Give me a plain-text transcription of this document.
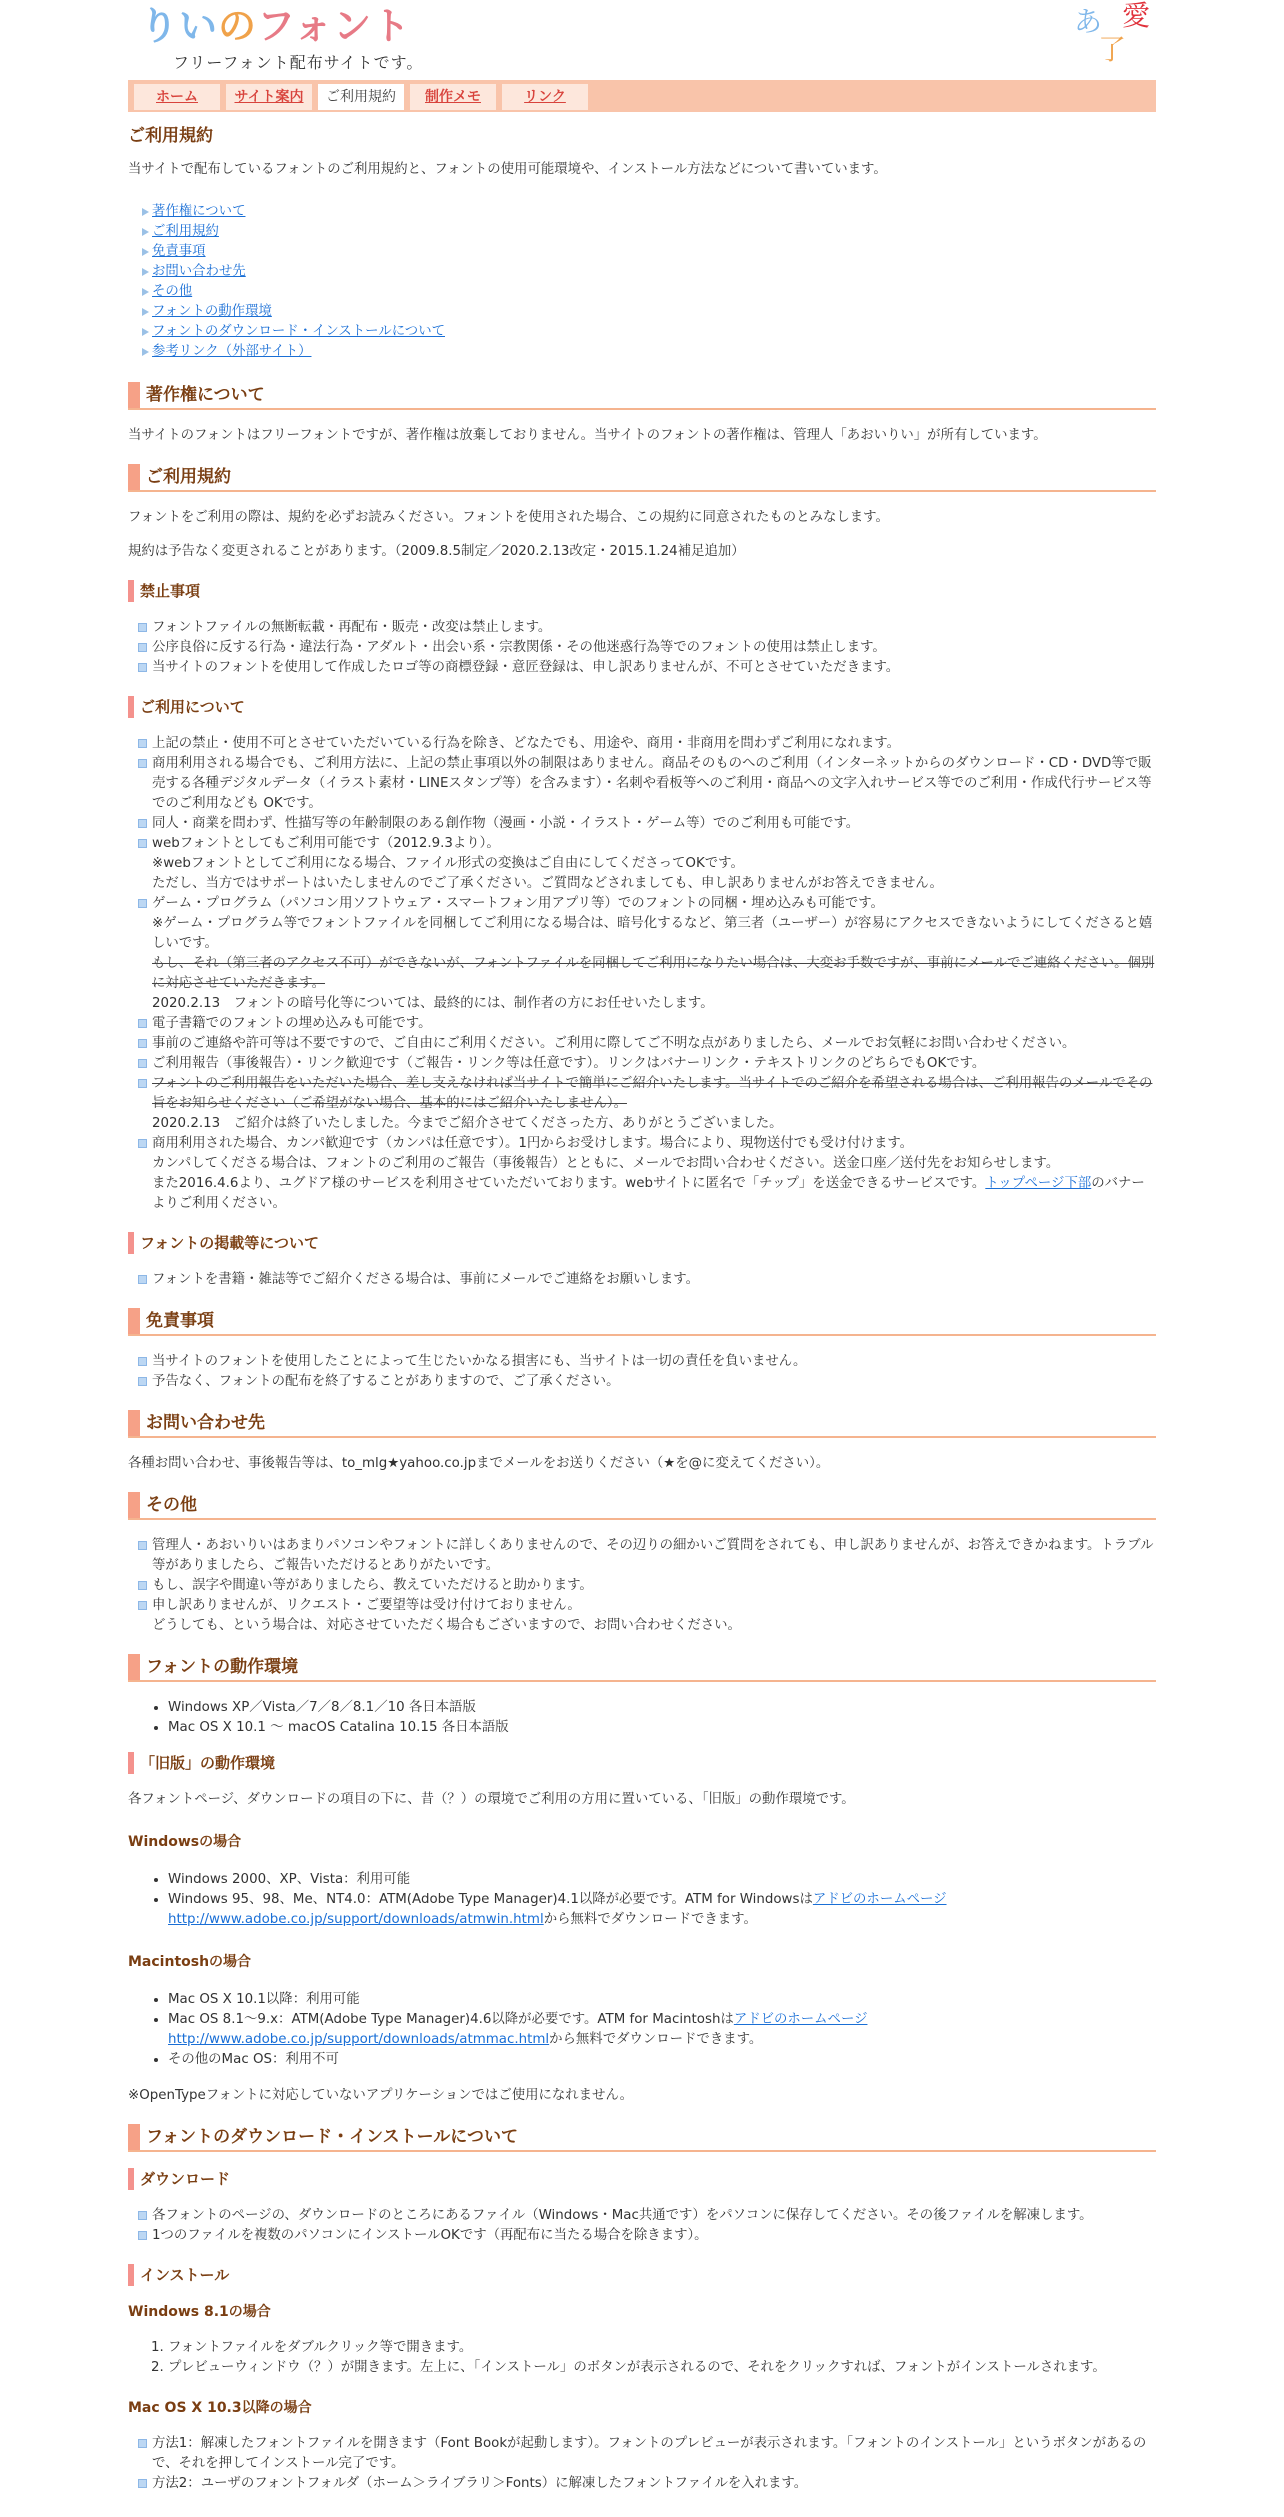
りいのフォント
フリーフォント配布サイトです。
あ 愛
了
ホーム	サイト案内	ご利用規約	制作メモ	リンク
ご利用規約

当サイトで配布しているフォントのご利用規約と、フォントの使用可能環境や、インストール方法などについて書いています。

著作権について
ご利用規約
免責事項
お問い合わせ先
その他
フォントの動作環境
フォントのダウンロード・インストールについて
参考リンク（外部サイト）
著作権について

当サイトのフォントはフリーフォントですが、著作権は放棄しておりません。当サイトのフォントの著作権は、管理人「あおいりい」が所有しています。

ご利用規約

フォントをご利用の際は、規約を必ずお読みください。フォントを使用された場合、この規約に同意されたものとみなします。

規約は予告なく変更されることがあります。（2009.8.5制定／2020.2.13改定・2015.1.24補足追加）

禁止事項
フォントファイルの無断転載・再配布・販売・改変は禁止します。
公序良俗に反する行為・違法行為・アダルト・出会い系・宗教関係・その他迷惑行為等でのフォントの使用は禁止します。
当サイトのフォントを使用して作成したロゴ等の商標登録・意匠登録は、申し訳ありませんが、不可とさせていただきます。
ご利用について
上記の禁止・使用不可とさせていただいている行為を除き、どなたでも、用途や、商用・非商用を問わずご利用になれます。
商用利用される場合でも、ご利用方法に、上記の禁止事項以外の制限はありません。商品そのものへのご利用（インターネットからのダウンロード・CD・DVD等で販売する各種デジタルデータ（イラスト素材・LINEスタンプ等）を含みます）・名刺や看板等へのご利用・商品への文字入れサービス等でのご利用・作成代行サービス等でのご利用なども OKです。
同人・商業を問わず、性描写等の年齢制限のある創作物（漫画・小説・イラスト・ゲーム等）でのご利用も可能です。
webフォントとしてもご利用可能です（2012.9.3より）。
※webフォントとしてご利用になる場合、ファイル形式の変換はご自由にしてくださってOKです。
ただし、当方ではサポートはいたしませんのでご了承ください。ご質問などされましても、申し訳ありませんがお答えできません。
ゲーム・プログラム（パソコン用ソフトウェア・スマートフォン用アプリ等）でのフォントの同梱・埋め込みも可能です。
※ゲーム・プログラム等でフォントファイルを同梱してご利用になる場合は、暗号化するなど、第三者（ユーザー）が容易にアクセスできないようにしてくださると嬉しいです。
もし、それ（第三者のアクセス不可）ができないが、フォントファイルを同梱してご利用になりたい場合は、大変お手数ですが、事前にメールでご連絡ください。個別に対応させていただきます。
2020.2.13　フォントの暗号化等については、最終的には、制作者の方にお任せいたします。
電子書籍でのフォントの埋め込みも可能です。
事前のご連絡や許可等は不要ですので、ご自由にご利用ください。ご利用に際してご不明な点がありましたら、メールでお気軽にお問い合わせください。
ご利用報告（事後報告）・リンク歓迎です（ご報告・リンク等は任意です）。リンクはバナーリンク・テキストリンクのどちらでもOKです。
フォントのご利用報告をいただいた場合、差し支えなければ当サイトで簡単にご紹介いたします。当サイトでのご紹介を希望される場合は、ご利用報告のメールでその旨をお知らせください（ご希望がない場合、基本的にはご紹介いたしません）。
2020.2.13　ご紹介は終了いたしました。今までご紹介させてくださった方、ありがとうございました。
商用利用された場合、カンパ歓迎です（カンパは任意です）。1円からお受けします。場合により、現物送付でも受け付けます。
カンパしてくださる場合は、フォントのご利用のご報告（事後報告）とともに、メールでお問い合わせください。送金口座／送付先をお知らせします。
また2016.4.6より、ユグドア様のサービスを利用させていただいております。webサイトに匿名で「チップ」を送金できるサービスです。トップページ下部のバナーよりご利用ください。
フォントの掲載等について
フォントを書籍・雑誌等でご紹介くださる場合は、事前にメールでご連絡をお願いします。
免責事項
当サイトのフォントを使用したことによって生じたいかなる損害にも、当サイトは一切の責任を負いません。
予告なく、フォントの配布を終了することがありますので、ご了承ください。
お問い合わせ先

各種お問い合わせ、事後報告等は、to_mlg★yahoo.co.jpまでメールをお送りください（★を@に変えてください）。

その他
管理人・あおいりいはあまりパソコンやフォントに詳しくありませんので、その辺りの細かいご質問をされても、申し訳ありませんが、お答えできかねます。トラブル等がありましたら、ご報告いただけるとありがたいです。
もし、誤字や間違い等がありましたら、教えていただけると助かります。
申し訳ありませんが、リクエスト・ご要望等は受け付けておりません。
どうしても、という場合は、対応させていただく場合もございますので、お問い合わせください。
フォントの動作環境
• Windows XP／Vista／7／8／8.1／10 各日本語版
• Mac OS X 10.1 〜 macOS Catalina 10.15 各日本語版
「旧版」の動作環境

各フォントページ、ダウンロードの項目の下に、昔（？）の環境でご利用の方用に置いている、「旧版」の動作環境です。

Windowsの場合

• Windows 2000、XP、Vista：利用可能
• Windows 95、98、Me、NT4.0：ATM(Adobe Type Manager)4.1以降が必要です。ATM for Windowsはアドビのホームページ
http://www.adobe.co.jp/support/downloads/atmwin.htmlから無料でダウンロードできます。

Macintoshの場合

• Mac OS X 10.1以降：利用可能
• Mac OS 8.1〜9.x：ATM(Adobe Type Manager)4.6以降が必要です。ATM for Macintoshはアドビのホームページ
http://www.adobe.co.jp/support/downloads/atmmac.htmlから無料でダウンロードできます。
• その他のMac OS：利用不可

※OpenTypeフォントに対応していないアプリケーションではご使用になれません。

フォントのダウンロード・インストールについて
ダウンロード
各フォントのページの、ダウンロードのところにあるファイル（Windows・Mac共通です）をパソコンに保存してください。その後ファイルを解凍します。
1つのファイルを複数のパソコンにインストールOKです（再配布に当たる場合を除きます）。
インストール

Windows 8.1の場合

1. フォントファイルをダブルクリック等で開きます。
2. プレビューウィンドウ（？）が開きます。左上に、「インストール」のボタンが表示されるので、それをクリックすれば、フォントがインストールされます。

Mac OS X 10.3以降の場合

方法1：解凍したフォントファイルを開きます（Font Bookが起動します）。フォントのプレビューが表示されます。「フォントのインストール」というボタンがあるので、それを押してインストール完了です。
方法2：ユーザのフォントフォルダ（ホーム＞ライブラリ＞Fonts）に解凍したフォントファイルを入れます。
